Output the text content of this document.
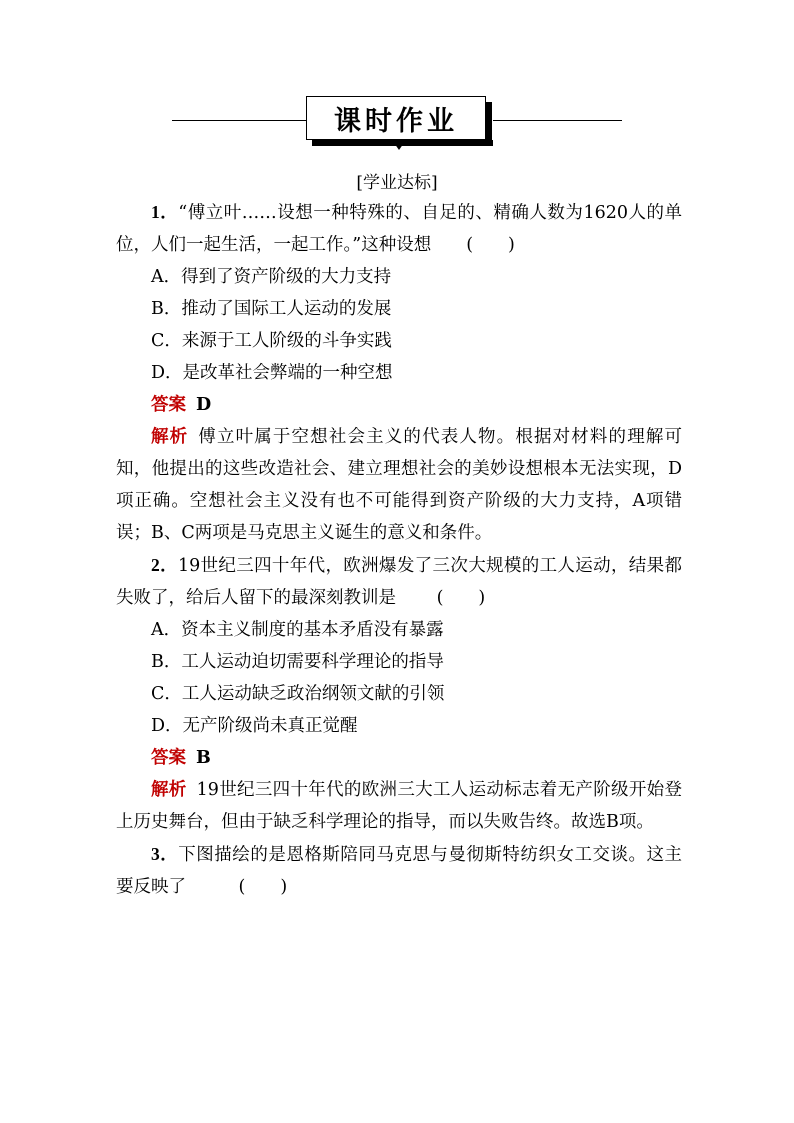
课时作业
[学业达标]

1．“傅立叶……设想一种特殊的、自足的、精确人数为1620人的单位，人们一起生活，一起工作。”这种设想 (　　)

A．得到了资产阶级的大力支持

B．推动了国际工人运动的发展

C．来源于工人阶级的斗争实践

D．是改革社会弊端的一种空想

答案 D

解析 傅立叶属于空想社会主义的代表人物。根据对材料的理解可知，他提出的这些改造社会、建立理想社会的美妙设想根本无法实现，D项正确。空想社会主义没有也不可能得到资产阶级的大力支持，A项错误；B、C两项是马克思主义诞生的意义和条件。

2．19世纪三四十年代，欧洲爆发了三次大规模的工人运动，结果都失败了，给后人留下的最深刻教训是 (　　)

A．资本主义制度的基本矛盾没有暴露

B．工人运动迫切需要科学理论的指导

C．工人运动缺乏政治纲领文献的引领

D．无产阶级尚未真正觉醒

答案 B

解析 19世纪三四十年代的欧洲三大工人运动标志着无产阶级开始登上历史舞台，但由于缺乏科学理论的指导，而以失败告终。故选B项。

3．下图描绘的是恩格斯陪同马克思与曼彻斯特纺织女工交谈。这主要反映了　	(　　)
